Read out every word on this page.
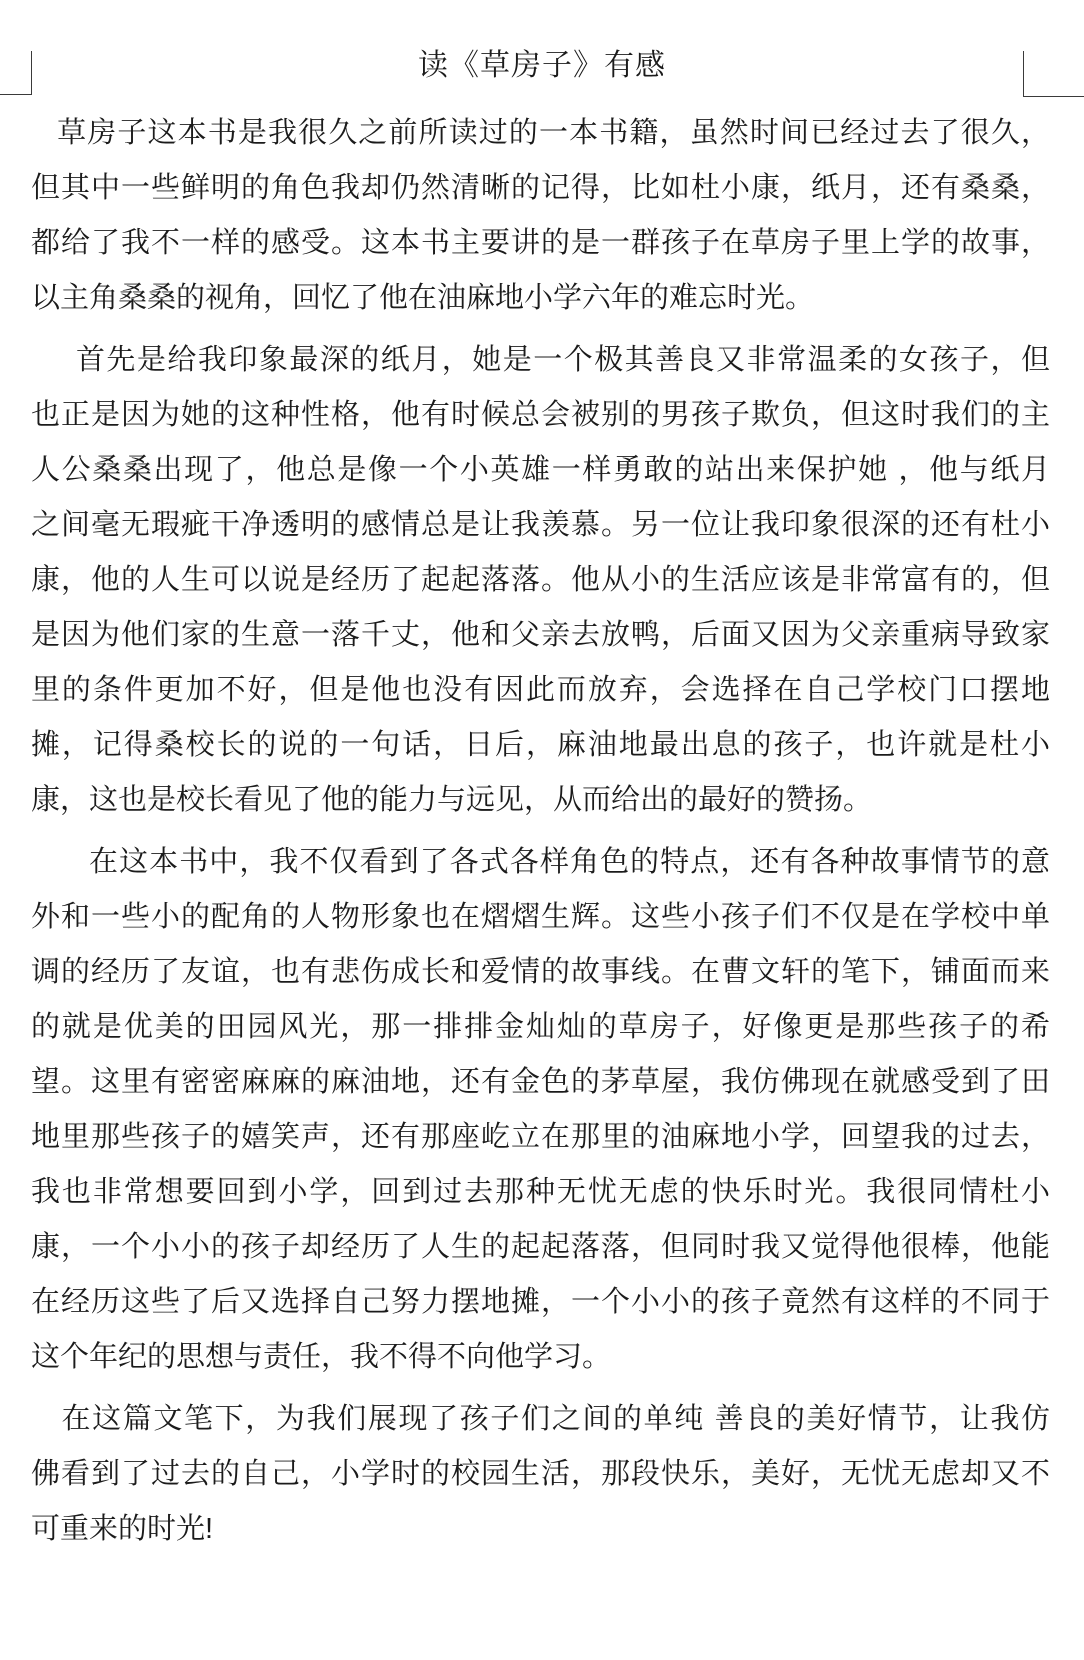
读《草房子》有感
草房子这本书是我很久之前所读过的一本书籍，虽然时间已经过去了很久，
但其中一些鲜明的角色我却仍然清晰的记得，比如杜小康，纸月，还有桑桑，
都给了我不一样的感受。这本书主要讲的是一群孩子在草房子里上学的故事，
以主角桑桑的视角，回忆了他在油麻地小学六年的难忘时光。
首先是给我印象最深的纸月，她是一个极其善良又非常温柔的女孩子，但
也正是因为她的这种性格，他有时候总会被别的男孩子欺负，但这时我们的主
人公桑桑出现了，他总是像一个小英雄一样勇敢的站出来保护她 ，他与纸月
之间毫无瑕疵干净透明的感情总是让我羡慕。另一位让我印象很深的还有杜小
康，他的人生可以说是经历了起起落落。他从小的生活应该是非常富有的，但
是因为他们家的生意一落千丈，他和父亲去放鸭，后面又因为父亲重病导致家
里的条件更加不好，但是他也没有因此而放弃，会选择在自己学校门口摆地
摊，记得桑校长的说的一句话，日后，麻油地最出息的孩子，也许就是杜小
康，这也是校长看见了他的能力与远见，从而给出的最好的赞扬。
在这本书中，我不仅看到了各式各样角色的特点，还有各种故事情节的意
外和一些小的配角的人物形象也在熠熠生辉。这些小孩子们不仅是在学校中单
调的经历了友谊，也有悲伤成长和爱情的故事线。在曹文轩的笔下，铺面而来
的就是优美的田园风光，那一排排金灿灿的草房子，好像更是那些孩子的希
望。这里有密密麻麻的麻油地，还有金色的茅草屋，我仿佛现在就感受到了田
地里那些孩子的嬉笑声，还有那座屹立在那里的油麻地小学，回望我的过去，
我也非常想要回到小学，回到过去那种无忧无虑的快乐时光。我很同情杜小
康，一个小小的孩子却经历了人生的起起落落，但同时我又觉得他很棒，他能
在经历这些了后又选择自己努力摆地摊，一个小小的孩子竟然有这样的不同于
这个年纪的思想与责任，我不得不向他学习。
在这篇文笔下，为我们展现了孩子们之间的单纯 善良的美好情节，让我仿
佛看到了过去的自己，小学时的校园生活，那段快乐，美好，无忧无虑却又不
可重来的时光!
